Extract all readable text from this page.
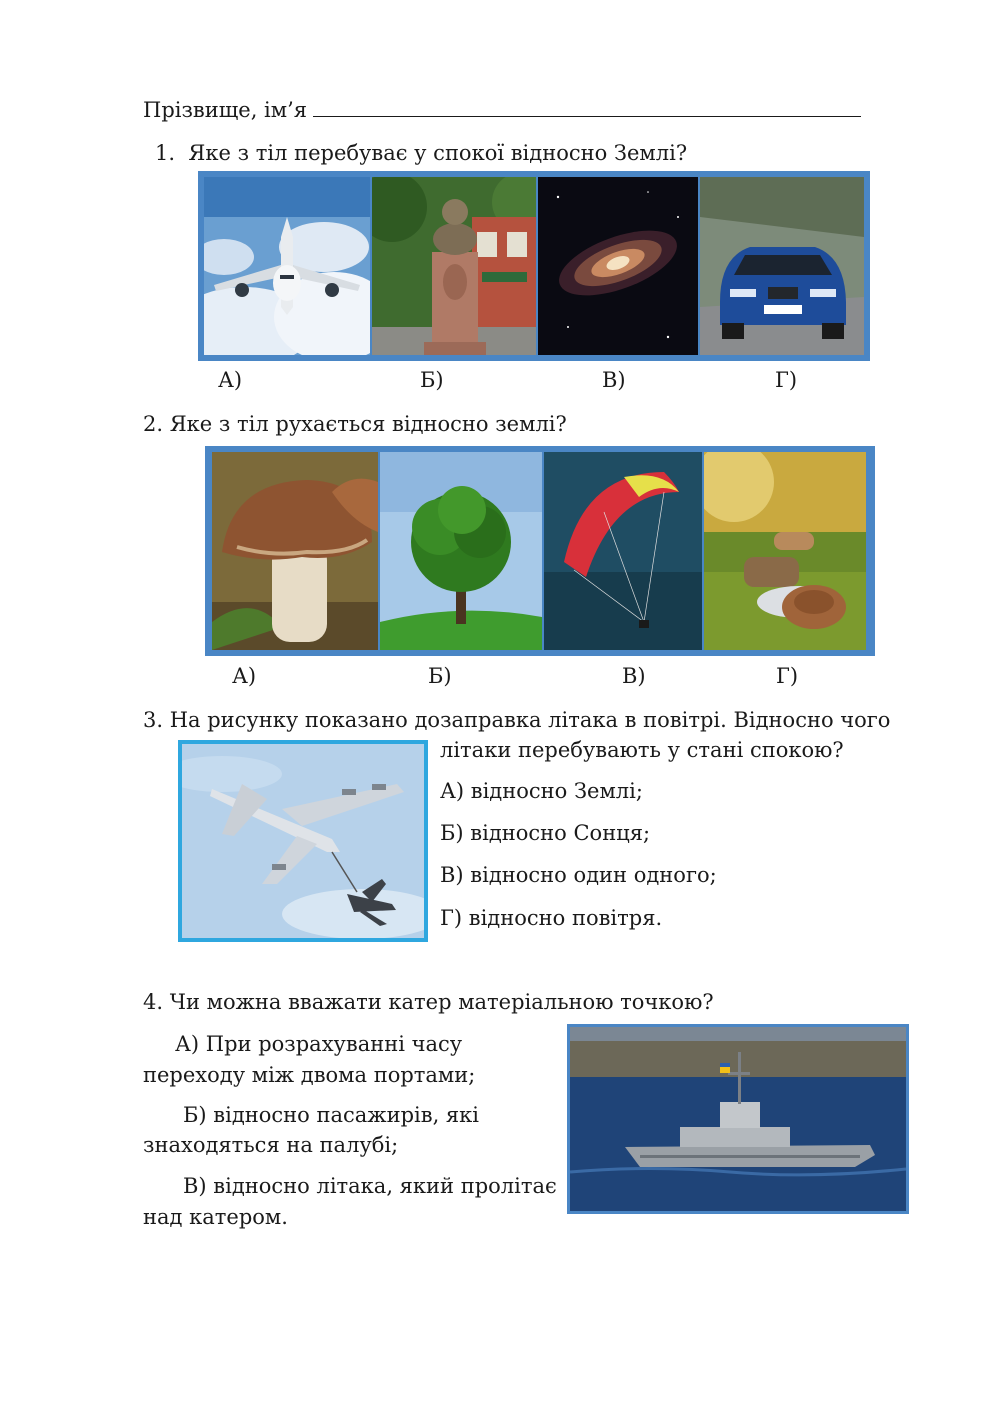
Прізвище, ім’я
1. Яке з тіл перебуває у спокої відносно Землі?
А)	Б)	В)	Г)
2. Яке з тіл рухається відносно землі?
А)	Б)	В)	Г)
3. На рисунку показано дозаправка літака в повітрі. Відносно чого
літаки перебувають у стані спокою?
А) відносно Землі;
Б) відносно Сонця;
В) відносно один одного;
Г) відносно повітря.
4. Чи можна вважати катер матеріальною точкою?
А) При розрахуванні часу
переходу між двома портами;
Б) відносно пасажирів, які
знаходяться на палубі;
В) відносно літака, який пролітає
над катером.
